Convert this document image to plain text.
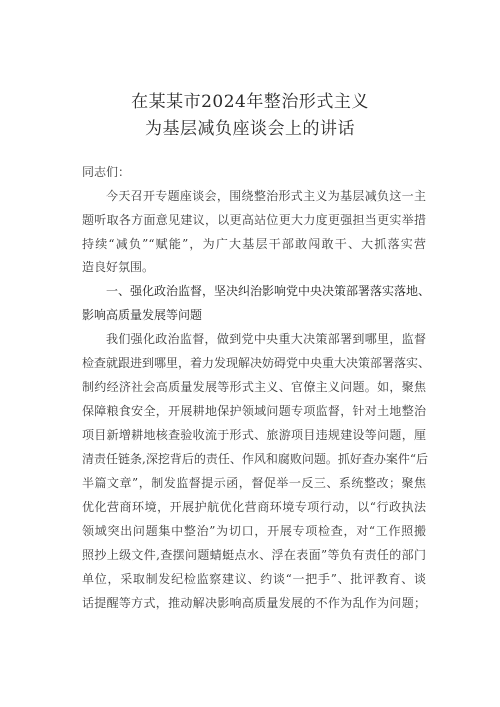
在某某市2024年整治形式主义
为基层减负座谈会上的讲话
同志们：
今天召开专题座谈会，围绕整治形式主义为基层减负这一主
题听取各方面意见建议，以更高站位更大力度更强担当更实举措
持续“减负”“赋能”，为广大基层干部敢闯敢干、大抓落实营
造良好氛围。
一、强化政治监督，坚决纠治影响党中央决策部署落实落地、
影响高质量发展等问题
我们强化政治监督，做到党中央重大决策部署到哪里，监督
检查就跟进到哪里，着力发现解决妨碍党中央重大决策部署落实、
制约经济社会高质量发展等形式主义、官僚主义问题。如，聚焦
保障粮食安全，开展耕地保护领域问题专项监督，针对土地整治
项目新增耕地核查验收流于形式、旅游项目违规建设等问题，厘
清责任链条,深挖背后的责任、作风和腐败问题。抓好查办案件“后
半篇文章”，制发监督提示函，督促举一反三、系统整改；聚焦
优化营商环境，开展护航优化营商环境专项行动，以“行政执法
领域突出问题集中整治”为切口，开展专项检查，对“工作照搬
照抄上级文件,查摆问题蜻蜓点水、浮在表面”等负有责任的部门
单位，采取制发纪检监察建议、约谈“一把手”、批评教育、谈
话提醒等方式，推动解决影响高质量发展的不作为乱作为问题；
